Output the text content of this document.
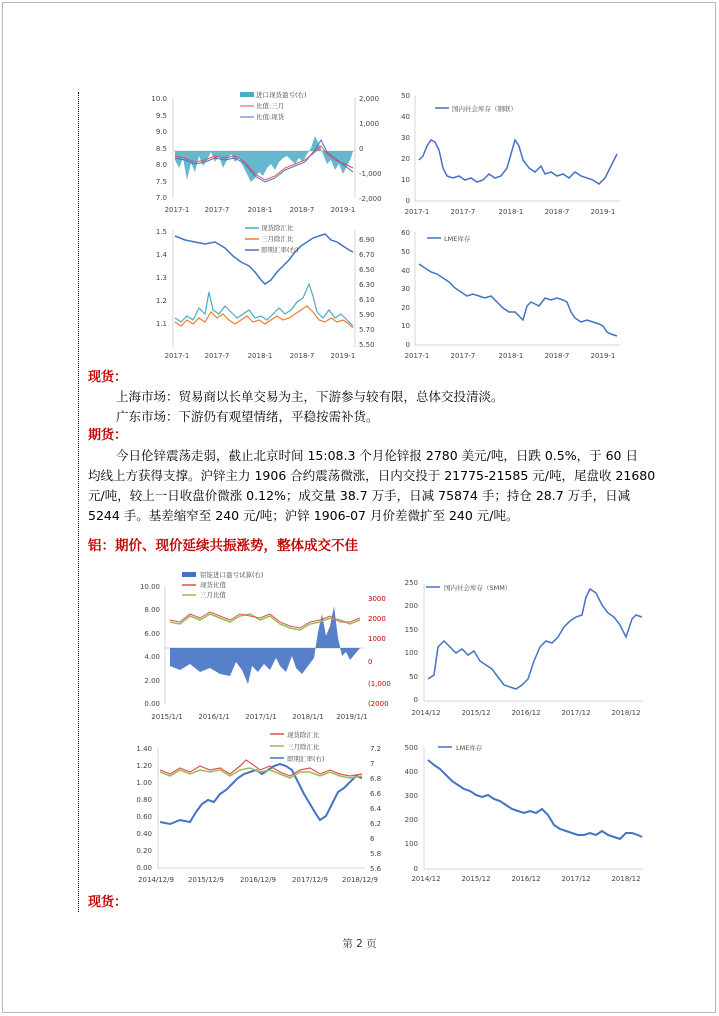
10.0
9.5
9.0
8.5
8.0
7.5
7.0
2,000
1,000
0
-1,000
-2,000
进口现货盈亏(右)
比值:三月
比值:现货
2017-1 2017-7	2018-1 2018-7 2019-1
50
40
30
20
10
0
国内社会库存（钢联）
2017-1	2017-7	2018-1	2018-7	2019-1
1.5
1.4
1.3
1.2
1.1
6.90
6.70
6.50
6.30
6.10
5.90
5.70
5.50
现货除汇比
三月除汇比
即期汇率(右)
2017-1 2017-7	2018-1 2018-7 2019-1
60
50
40
30
20
10
0
LME库存
2017-1	2017-7	2018-1	2018-7	2019-1
现货：
上海市场：贸易商以长单交易为主，下游参与较有限，总体交投清淡。
广东市场：下游仍有观望情绪，平稳按需补货。
期货：
今日伦锌震荡走弱，截止北京时间 15:08.3 个月伦锌报 2780 美元/吨，日跌 0.5%，于 60 日
均线上方获得支撑。沪锌主力 1906 合约震荡微涨，日内交投于 21775-21585 元/吨，尾盘收 21680
元/吨，较上一日收盘价微涨 0.12%；成交量 38.7 万手，日减 75874 手；持仓 28.7 万手，日减
5244 手。基差缩窄至 240 元/吨；沪锌 1906-07 月价差微扩至 240 元/吨。
铝：期价、现价延续共振涨势，整体成交不佳
10.00
8.00
6.00
4.00
2.00
0.00
3000
2000
1000
0
(1,000
(2000
铝锭进口盈亏试算(右)
现货比值
三月比值
2015/1/1 2016/1/1 2017/1/1 2018/1/1 2019/1/1
250
200
150
100
50
0
国内社会库存（SMM）
2014/12	2015/12	2016/12	2017/12	2018/12
1.40
1.20
1.00
0.80
0.60
0.40
0.20
0.00
7.2
7
6.8
6.6
6.4
6.2
6
5.8
5.6
现货除汇比
三月除汇比
即期汇率(右)
2014/12/9 2015/12/9 2016/12/9 2017/12/9 2018/12/9
500
400
300
200
100
0
LME库存
2014/12	2015/12	2016/12	2017/12	2018/12
现货：
第 2 页
